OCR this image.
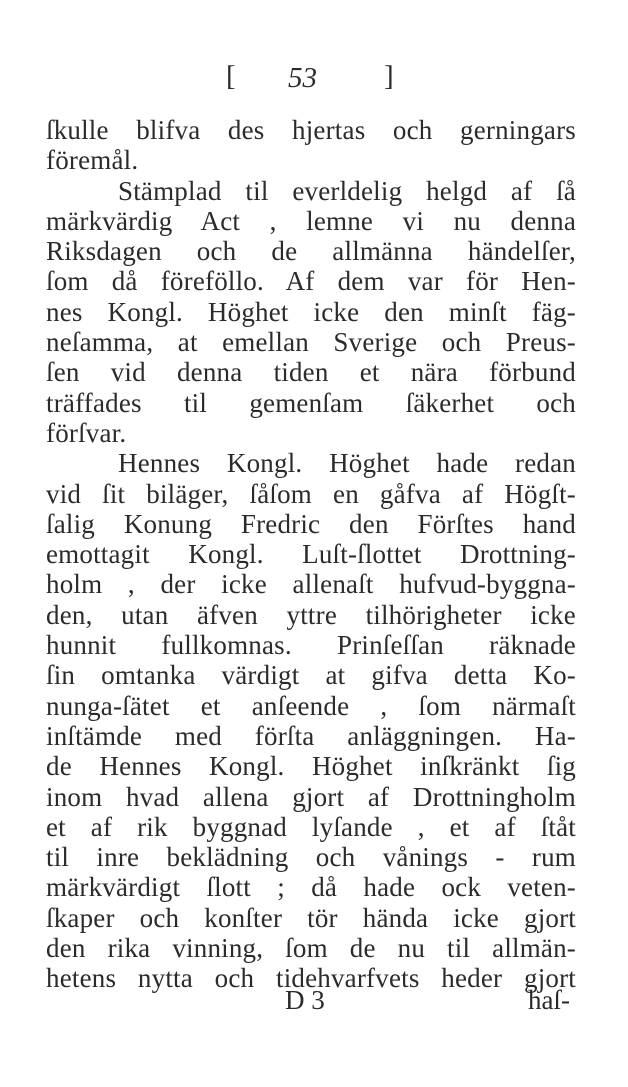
[ 53 ]
ſkulle blifva des hjertas och gerningars
föremål.
Stämplad til everldelig helgd af ſå
märkvärdig Act , lemne vi nu denna
Riksdagen och de allmänna händelſer,
ſom då föreföllo. Af dem var för Hen-
nes Kongl. Höghet icke den minſt fäg-
neſamma, at emellan Sverige och Preus-
ſen vid denna tiden et nära förbund
träffades til gemenſam ſäkerhet och
förſvar.
Hennes Kongl. Höghet hade redan
vid ſit biläger, ſåſom en gåfva af Högſt-
ſalig Konung Fredric den Förſtes hand
emottagit Kongl. Luſt-ſlottet Drottning-
holm , der icke allenaſt hufvud-byggna-
den, utan äfven yttre tilhörigheter icke
hunnit fullkomnas. Prinſeſſan räknade
ſin omtanka värdigt at gifva detta Ko-
nunga-ſätet et anſeende , ſom närmaſt
inſtämde med förſta anläggningen. Ha-
de Hennes Kongl. Höghet inſkränkt ſig
inom hvad allena gjort af Drottningholm
et af rik byggnad lyſande , et af ſtåt
til inre beklädning och vånings - rum
märkvärdigt ſlott ; då hade ock veten-
ſkaper och konſter tör hända icke gjort
den rika vinning, ſom de nu til allmän-
hetens nytta och tidehvarfvets heder gjort
D 3	haſ-
